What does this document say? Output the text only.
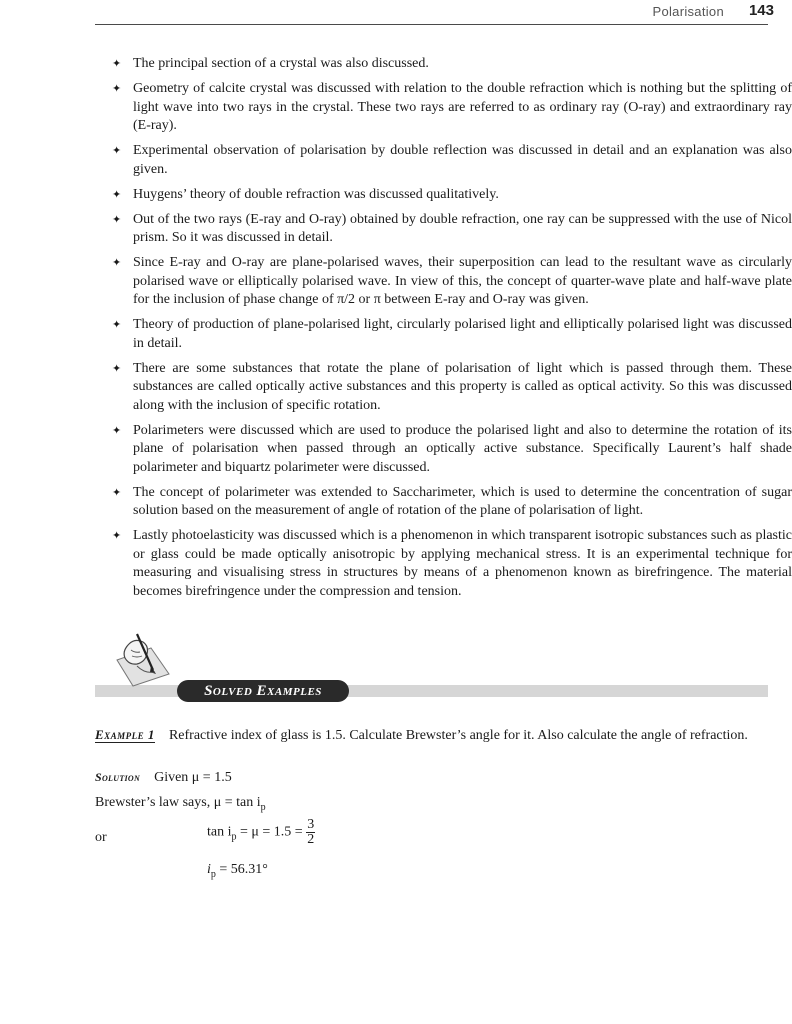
Polarisation 143
✦ The principal section of a crystal was also discussed.
✦ Geometry of calcite crystal was discussed with relation to the double refraction which is nothing but the splitting of light wave into two rays in the crystal. These two rays are referred to as ordinary ray (O-ray) and extraordinary ray (E-ray).
✦ Experimental observation of polarisation by double reflection was discussed in detail and an explanation was also given.
✦ Huygens’ theory of double refraction was discussed qualitatively.
✦ Out of the two rays (E-ray and O-ray) obtained by double refraction, one ray can be suppressed with the use of Nicol prism. So it was discussed in detail.
✦ Since E-ray and O-ray are plane-polarised waves, their superposition can lead to the resultant wave as circularly polarised wave or elliptically polarised wave. In view of this, the concept of quarter-wave plate and half-wave plate for the inclusion of phase change of π/2 or π between E-ray and O-ray was given.
✦ Theory of production of plane-polarised light, circularly polarised light and elliptically polarised light was discussed in detail.
✦ There are some substances that rotate the plane of polarisation of light which is passed through them. These substances are called optically active substances and this property is called as optical activity. So this was discussed along with the inclusion of specific rotation.
✦ Polarimeters were discussed which are used to produce the polarised light and also to determine the rotation of its plane of polarisation when passed through an optically active substance. Specifically Laurent’s half shade polarimeter and biquartz polarimeter were discussed.
✦ The concept of polarimeter was extended to Saccharimeter, which is used to determine the concentration of sugar solution based on the measurement of angle of rotation of the plane of polarisation of light.
✦ Lastly photoelasticity was discussed which is a phenomenon in which transparent isotropic substances such as plastic or glass could be made optically anisotropic by applying mechanical stress. It is an experimental technique for measuring and visualising stress in structures by means of a phenomenon known as birefringence. The material becomes birefringence under the compression and tension.
Solved Examples
Example 1 Refractive index of glass is 1.5. Calculate Brewster’s angle for it. Also calculate the angle of refraction.
Solution Given μ = 1.5
Brewster’s law says, $\mu = \tan i_p$
or	$\tan i_p = \mu = 1.5 = \frac{3}{2}$
$i_p = 56.31^\circ$
